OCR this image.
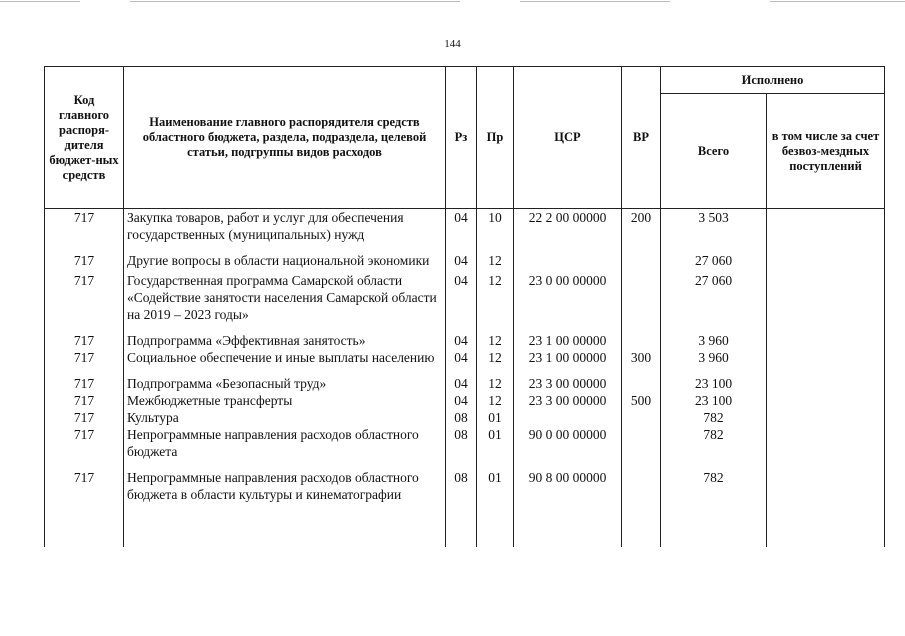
144
Код главного распоря-дителя бюджет-ных средств	Наименование главного распорядителя средств областного бюджета, раздела, подраздела, целевой статьи, подгруппы видов расходов	Рз	Пр	ЦСР	ВР	Исполнено	
						Всего	в том числе за счет безвоз-мездных поступлений
717	Закупка товаров, работ и услуг для обеспечения государственных (муниципальных) нужд	04	10	22 2 00 00000	200	3 503	
717	Другие вопросы в области национальной экономики	04	12			27 060	
717	Государственная программа Самарской области «Содействие занятости населения Самарской области на 2019 – 2023 годы»	04	12	23 0 00 00000		27 060	
717	Подпрограмма «Эффективная занятость»	04	12	23 1 00 00000		3 960	
717	Социальное обеспечение и иные выплаты населению	04	12	23 1 00 00000	300	3 960	
717	Подпрограмма «Безопасный труд»	04	12	23 3 00 00000		23 100	
717	Межбюджетные трансферты	04	12	23 3 00 00000	500	23 100	
717	Культура	08	01			782	
717	Непрограммные направления расходов областного бюджета	08	01	90 0 00 00000		782	
717	Непрограммные направления расходов областного бюджета в области культуры и кинематографии	08	01	90 8 00 00000		782	
